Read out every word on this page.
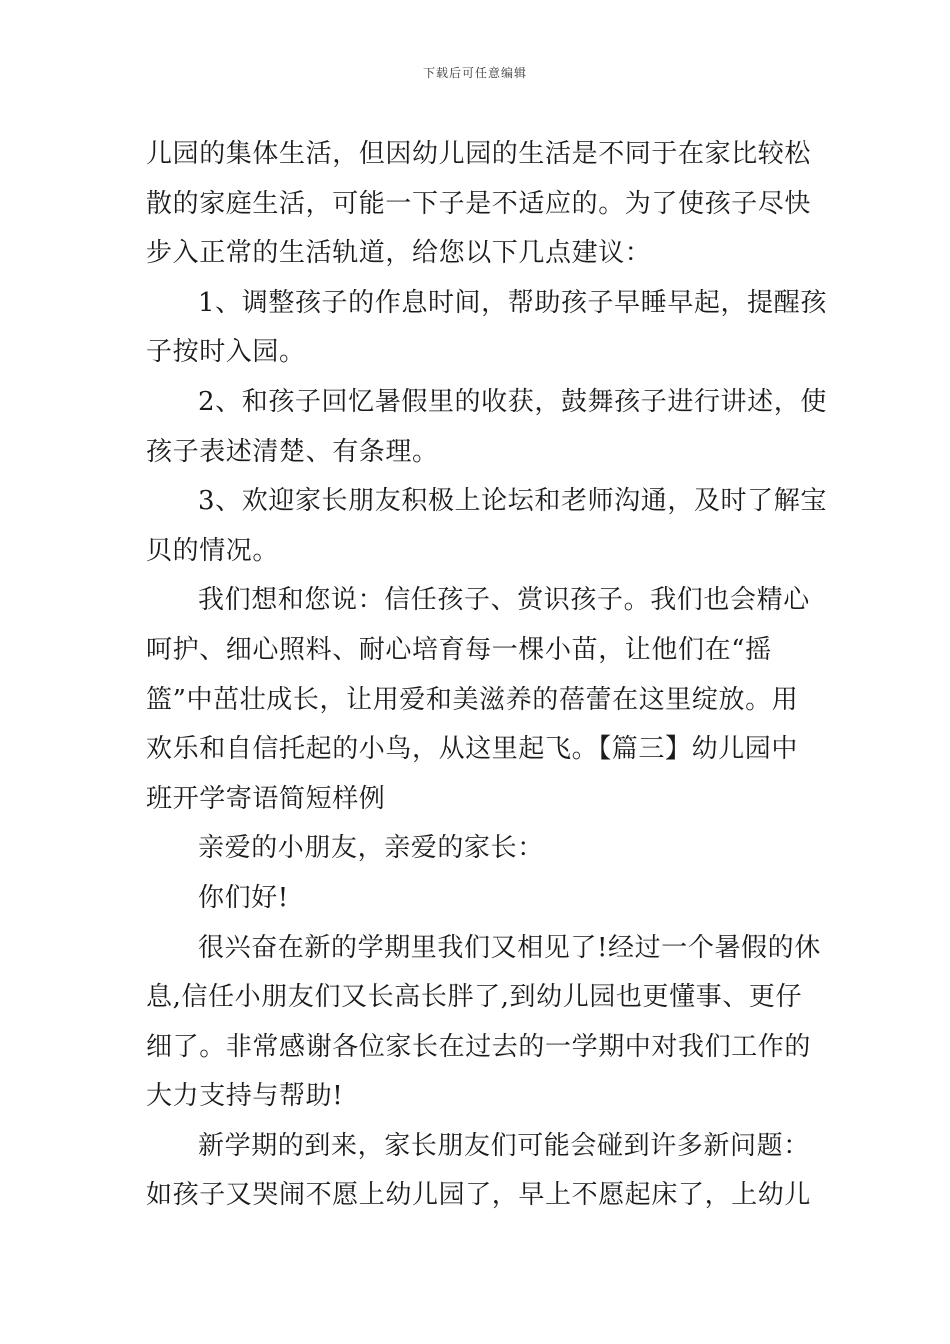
下载后可任意编辑
儿园的集体生活，但因幼儿园的生活是不同于在家比较松
散的家庭生活，可能一下子是不适应的。为了使孩子尽快
步入正常的生活轨道，给您以下几点建议：
1、调整孩子的作息时间，帮助孩子早睡早起，提醒孩
子按时入园。
2、和孩子回忆暑假里的收获，鼓舞孩子进行讲述，使
孩子表述清楚、有条理。
3、欢迎家长朋友积极上论坛和老师沟通，及时了解宝
贝的情况。
我们想和您说：信任孩子、赏识孩子。我们也会精心
呵护、细心照料、耐心培育每一棵小苗，让他们在“摇
篮”中茁壮成长，让用爱和美滋养的蓓蕾在这里绽放。用
欢乐和自信托起的小鸟，从这里起飞。【篇三】幼儿园中
班开学寄语简短样例
亲爱的小朋友，亲爱的家长：
你们好!
很兴奋在新的学期里我们又相见了!经过一个暑假的休
息,信任小朋友们又长高长胖了,到幼儿园也更懂事、更仔
细了。非常感谢各位家长在过去的一学期中对我们工作的
大力支持与帮助!
新学期的到来，家长朋友们可能会碰到许多新问题：
如孩子又哭闹不愿上幼儿园了，早上不愿起床了，上幼儿
